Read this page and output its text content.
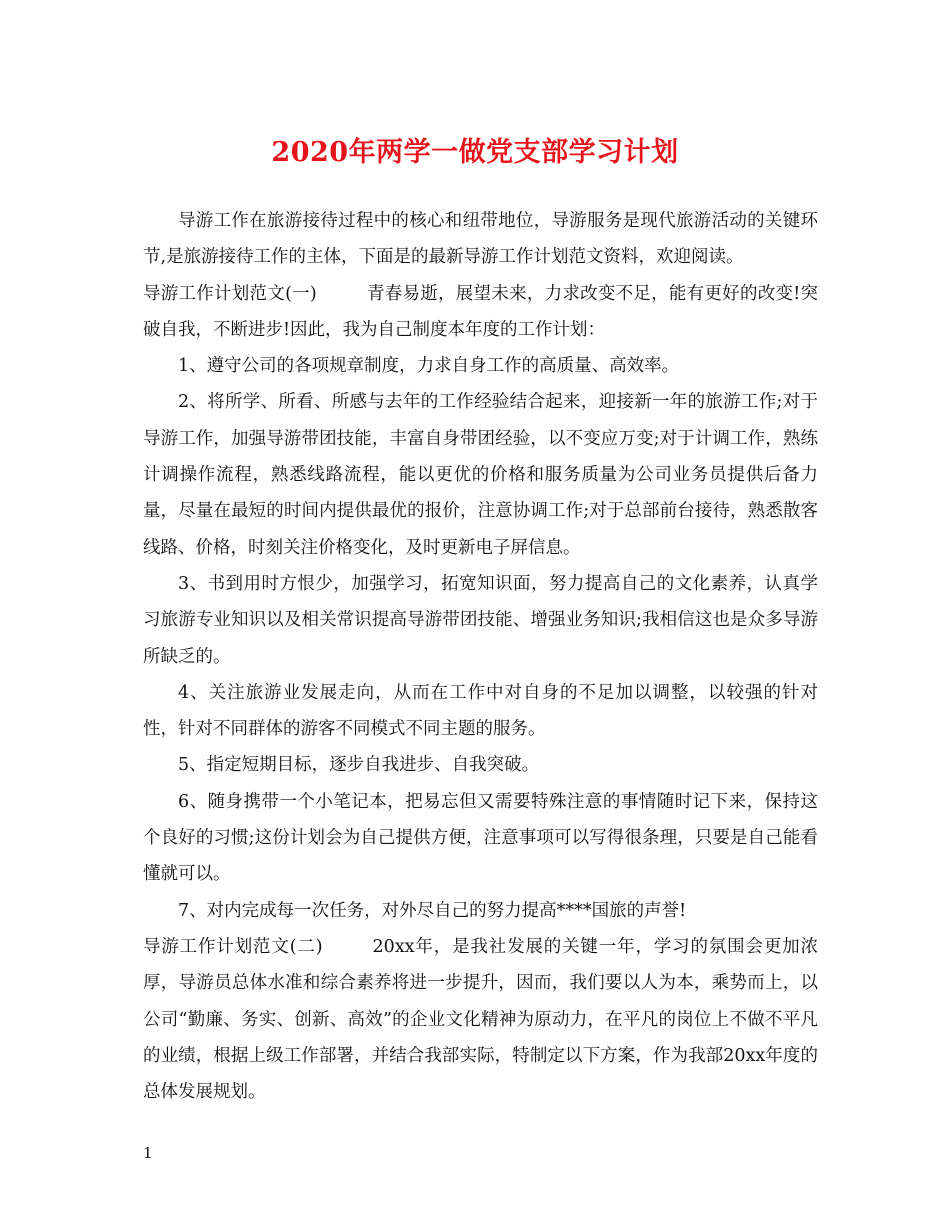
2020年两学一做党支部学习计划

导游工作在旅游接待过程中的核心和纽带地位，导游服务是现代旅游活动的关键环节,是旅游接待工作的主体，下面是的最新导游工作计划范文资料，欢迎阅读。

导游工作计划范文(一)	青春易逝，展望未来，力求改变不足，能有更好的改变!突破自我，不断进步!因此，我为自己制度本年度的工作计划：

1、遵守公司的各项规章制度，力求自身工作的高质量、高效率。

2、将所学、所看、所感与去年的工作经验结合起来，迎接新一年的旅游工作;对于导游工作，加强导游带团技能，丰富自身带团经验，以不变应万变;对于计调工作，熟练计调操作流程，熟悉线路流程，能以更优的价格和服务质量为公司业务员提供后备力量，尽量在最短的时间内提供最优的报价，注意协调工作;对于总部前台接待，熟悉散客线路、价格，时刻关注价格变化，及时更新电子屏信息。

3、书到用时方恨少，加强学习，拓宽知识面，努力提高自己的文化素养，认真学习旅游专业知识以及相关常识提高导游带团技能、增强业务知识;我相信这也是众多导游所缺乏的。

4、关注旅游业发展走向，从而在工作中对自身的不足加以调整，以较强的针对性，针对不同群体的游客不同模式不同主题的服务。

5、指定短期目标，逐步自我进步、自我突破。

6、随身携带一个小笔记本，把易忘但又需要特殊注意的事情随时记下来，保持这个良好的习惯;这份计划会为自己提供方便，注意事项可以写得很条理，只要是自己能看懂就可以。

7、对内完成每一次任务，对外尽自己的努力提高****国旅的声誉!

导游工作计划范文(二)	20xx年，是我社发展的关键一年，学习的氛围会更加浓厚，导游员总体水准和综合素养将进一步提升，因而，我们要以人为本，乘势而上，以公司“勤廉、务实、创新、高效”的企业文化精神为原动力，在平凡的岗位上不做不平凡的业绩，根据上级工作部署，并结合我部实际，特制定以下方案，作为我部20xx年度的总体发展规划。

1
